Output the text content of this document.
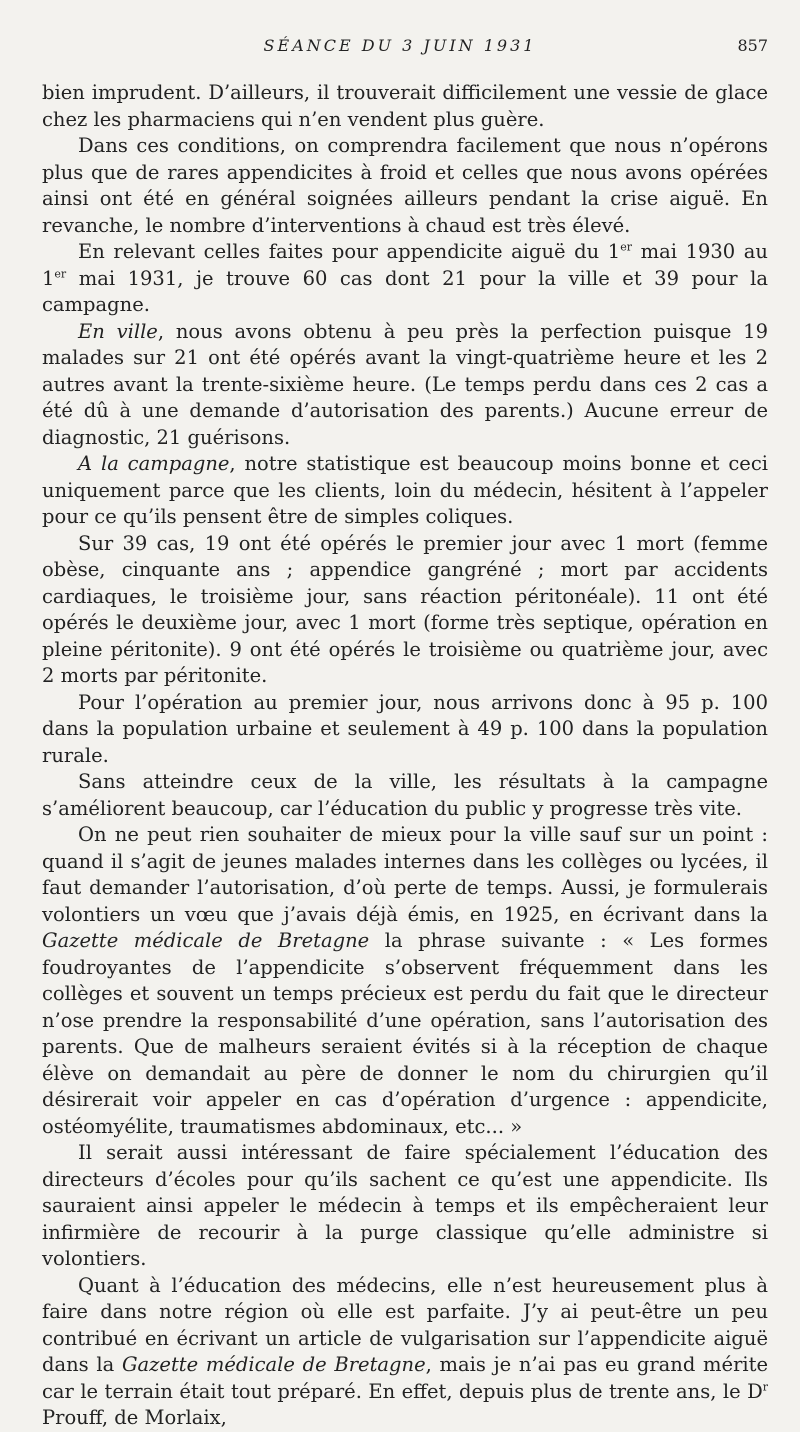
SÉANCE DU 3 JUIN 1931	857

bien imprudent. D’ailleurs, il trouverait difficilement une vessie de glace chez les pharmaciens qui n’en vendent plus guère.

Dans ces conditions, on comprendra facilement que nous n’opérons plus que de rares appendicites à froid et celles que nous avons opérées ainsi ont été en général soignées ailleurs pendant la crise aiguë. En revanche, le nombre d’interventions à chaud est très élevé.

En relevant celles faites pour appendicite aiguë du 1er mai 1930 au 1er mai 1931, je trouve 60 cas dont 21 pour la ville et 39 pour la campagne.

En ville, nous avons obtenu à peu près la perfection puisque 19 malades sur 21 ont été opérés avant la vingt-quatrième heure et les 2 autres avant la trente-sixième heure. (Le temps perdu dans ces 2 cas a été dû à une demande d’autorisation des parents.) Aucune erreur de diagnostic, 21 guérisons.

A la campagne, notre statistique est beaucoup moins bonne et ceci uniquement parce que les clients, loin du médecin, hésitent à l’appeler pour ce qu’ils pensent être de simples coliques.

Sur 39 cas, 19 ont été opérés le premier jour avec 1 mort (femme obèse, cinquante ans ; appendice gangréné ; mort par accidents cardiaques, le troisième jour, sans réaction péritonéale). 11 ont été opérés le deuxième jour, avec 1 mort (forme très septique, opération en pleine péritonite). 9 ont été opérés le troisième ou quatrième jour, avec 2 morts par péritonite.

Pour l’opération au premier jour, nous arrivons donc à 95 p. 100 dans la population urbaine et seulement à 49 p. 100 dans la population rurale.

Sans atteindre ceux de la ville, les résultats à la campagne s’améliorent beaucoup, car l’éducation du public y progresse très vite.

On ne peut rien souhaiter de mieux pour la ville sauf sur un point : quand il s’agit de jeunes malades internes dans les collèges ou lycées, il faut demander l’autorisation, d’où perte de temps. Aussi, je formulerais volontiers un vœu que j’avais déjà émis, en 1925, en écrivant dans la Gazette médicale de Bretagne la phrase suivante : « Les formes foudroyantes de l’appendicite s’observent fréquemment dans les collèges et souvent un temps précieux est perdu du fait que le directeur n’ose prendre la responsabilité d’une opération, sans l’autorisation des parents. Que de malheurs seraient évités si à la réception de chaque élève on demandait au père de donner le nom du chirurgien qu’il désirerait voir appeler en cas d’opération d’urgence : appendicite, ostéomyélite, traumatismes abdominaux, etc... »

Il serait aussi intéressant de faire spécialement l’éducation des directeurs d’écoles pour qu’ils sachent ce qu’est une appendicite. Ils sauraient ainsi appeler le médecin à temps et ils empêcheraient leur infirmière de recourir à la purge classique qu’elle administre si volontiers.

Quant à l’éducation des médecins, elle n’est heureusement plus à faire dans notre région où elle est parfaite. J’y ai peut-être un peu contribué en écrivant un article de vulgarisation sur l’appendicite aiguë dans la Gazette médicale de Bretagne, mais je n’ai pas eu grand mérite car le terrain était tout préparé. En effet, depuis plus de trente ans, le $D^r$ Prouff, de Morlaix,
